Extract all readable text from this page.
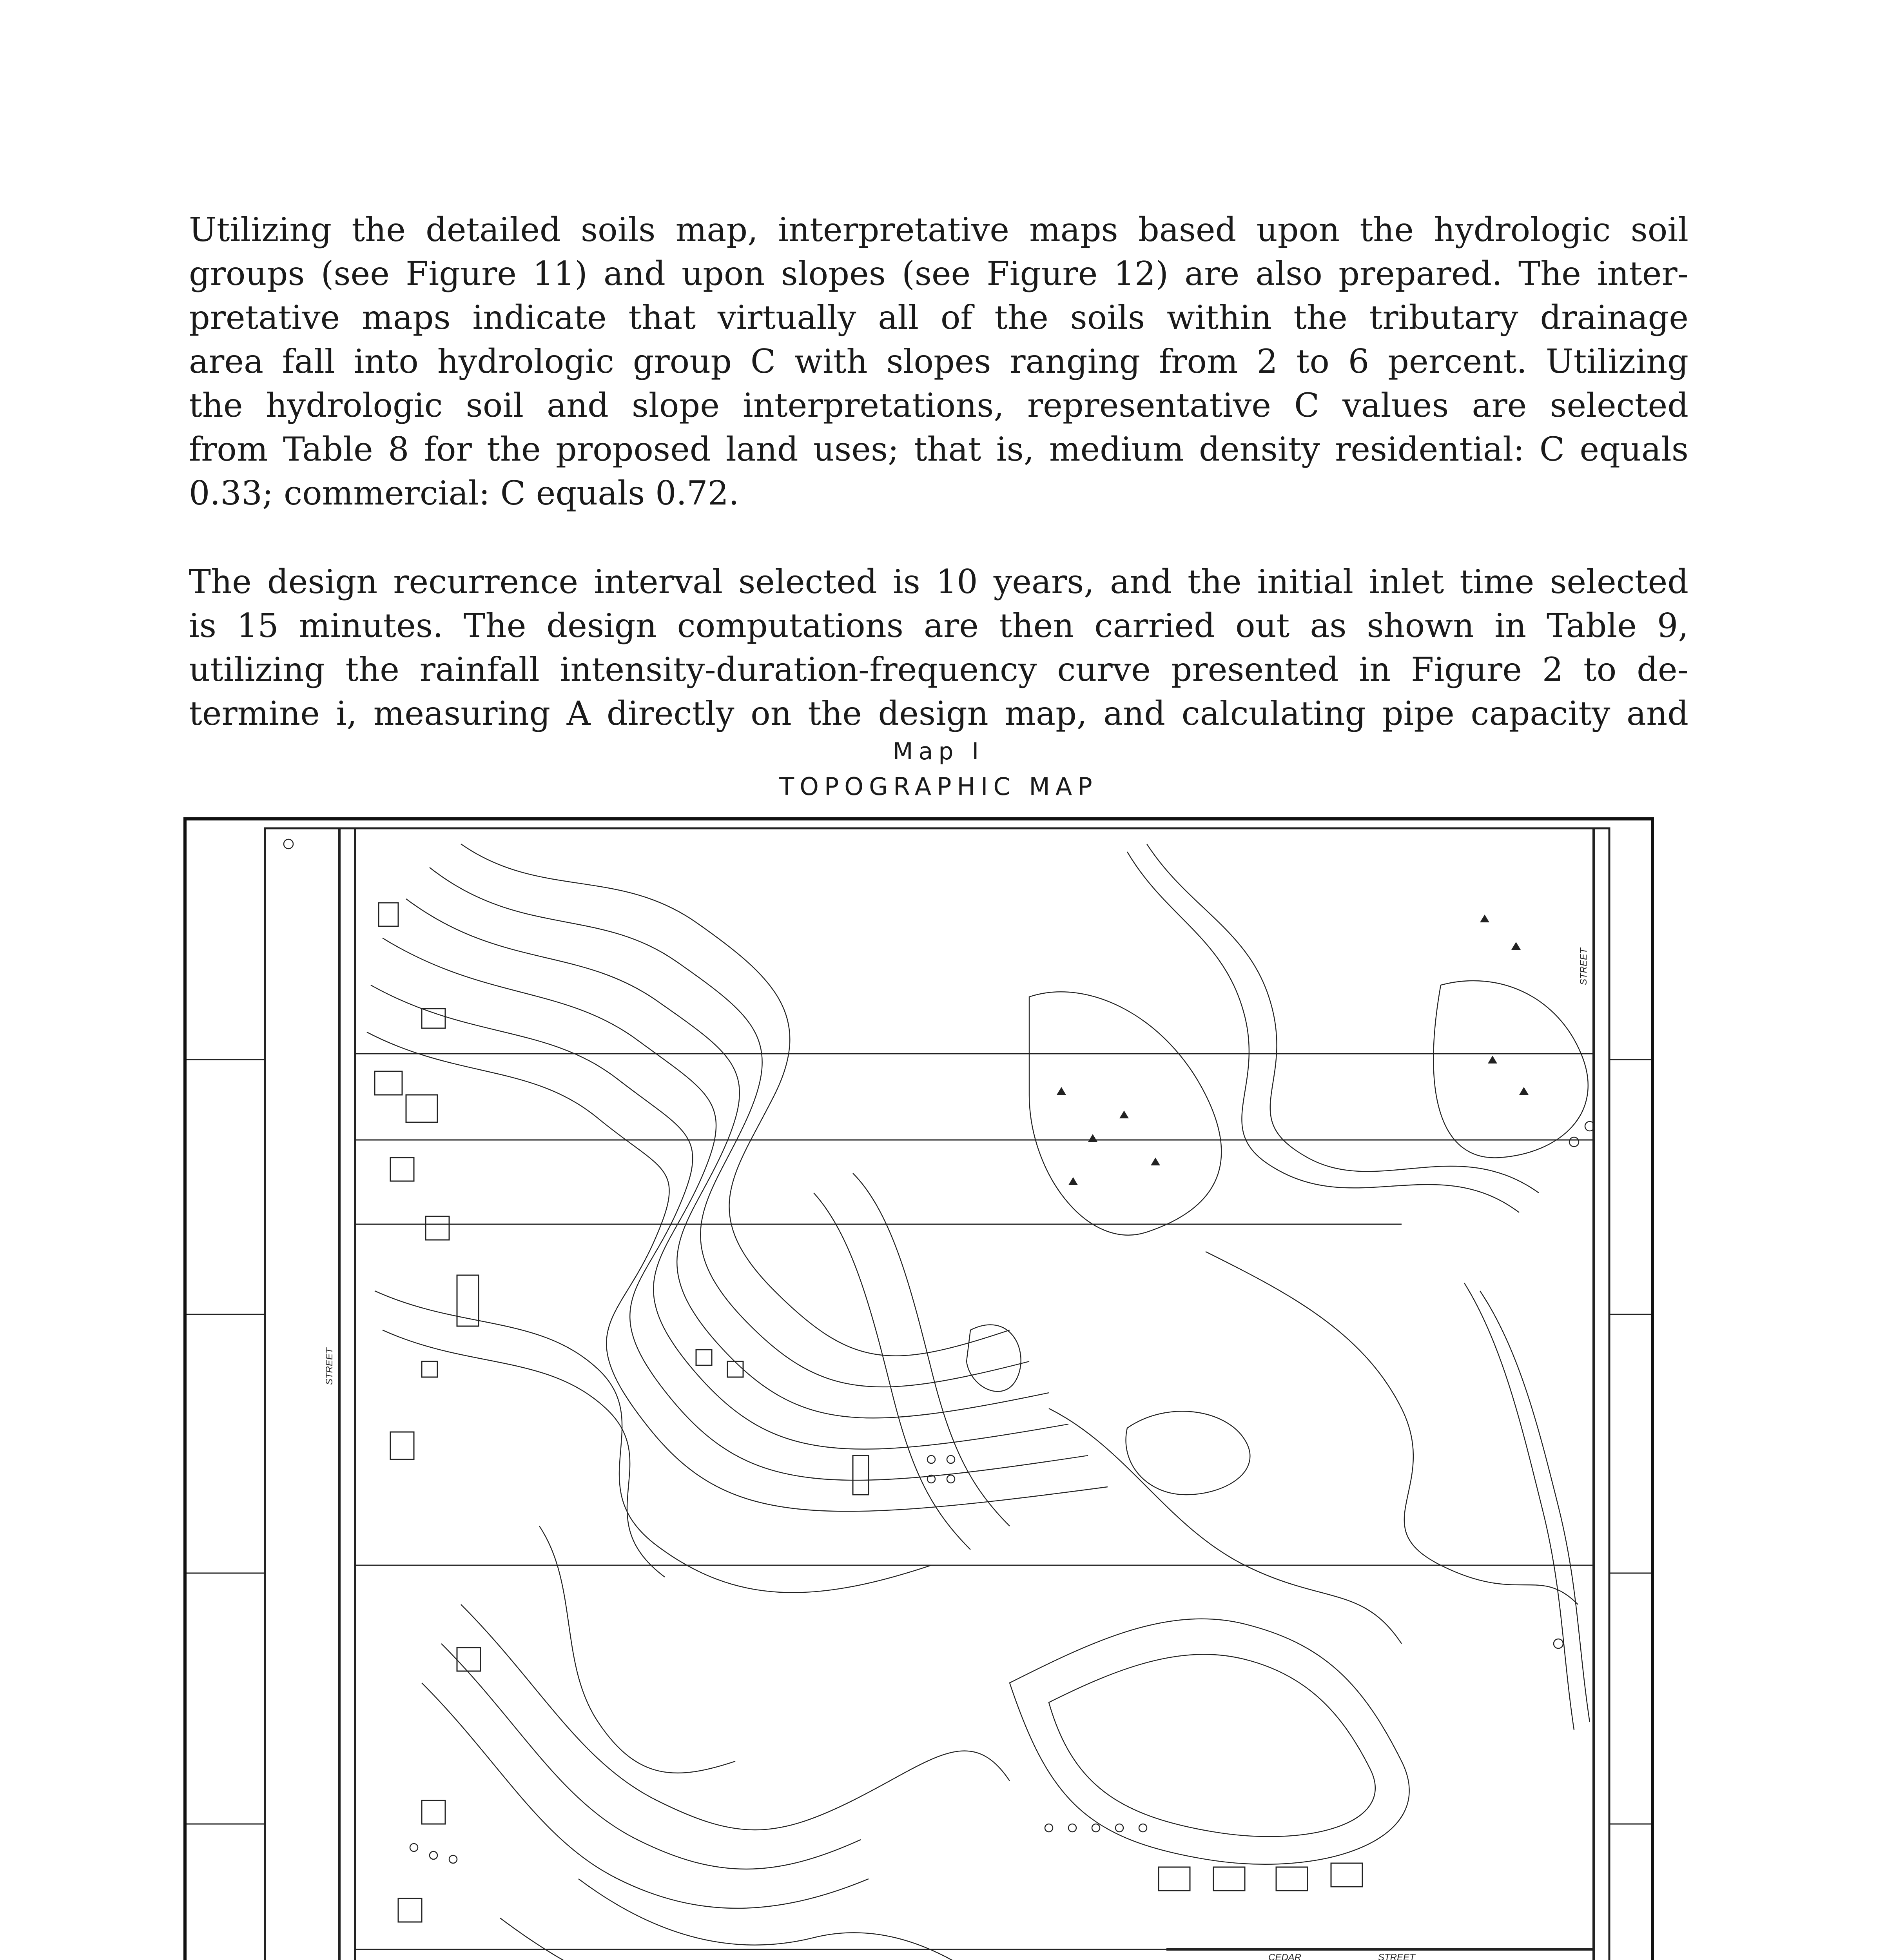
Utilizing the detailed soils map, interpretative maps based upon the hydrologic soil
groups (see Figure 11) and upon slopes (see Figure 12) are also prepared. The inter-
pretative maps indicate that virtually all of the soils within the tributary drainage
area fall into hydrologic group C with slopes ranging from 2 to 6 percent. Utilizing
the hydrologic soil and slope interpretations, representative C values are selected
from Table 8 for the proposed land uses; that is, medium density residential: C equals
0.33; commercial: C equals 0.72.
The design recurrence interval selected is 10 years, and the initial inlet time selected
is 15 minutes. The design computations are then carried out as shown in Table 9,
utilizing the rainfall intensity-duration-frequency curve presented in Figure 2 to de-
termine i, measuring A directly on the design map, and calculating pipe capacity and
Map I
TOPOGRAPHIC MAP
STREET
STREET
CEDAR	STREET
